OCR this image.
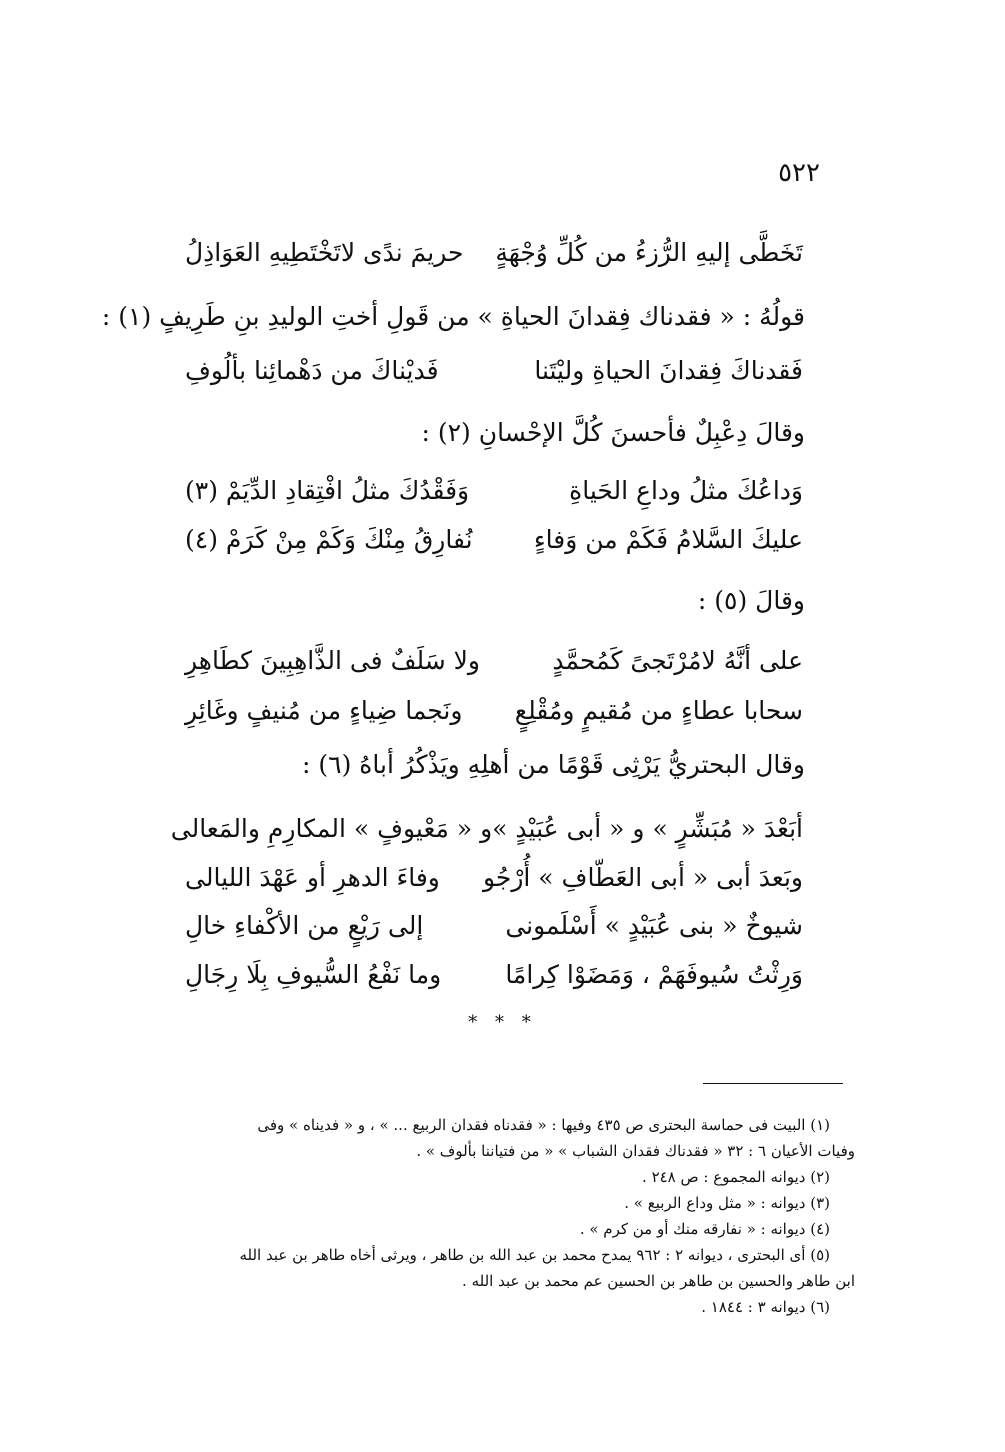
٥٢٢
تَخَطَّى إليهِ الرُّزءُ من كُلِّ وُجْهَةٍ
حريمَ ندًى لاتَخْتَطِيهِ العَوَاذِلُ
قولُهُ : « فقدناك فِقدانَ الحياةِ » من قَولِ أختِ الوليدِ بنِ طَرِيفٍ (١) :
فَقدناكَ فِقدانَ الحياةِ وليْتَنا
فَديْناكَ من دَهْمائِنا بألُوفِ
وقالَ دِعْبِلٌ فأحسنَ كُلَّ الإحْسانِ (٢) :
وَداعُكَ مثلُ وداعِ الحَياةِ
وَفَقْدُكَ مثلُ افْتِقادِ الدِّيَمْ (٣)
عليكَ السَّلامُ فَكَمْ من وَفاءٍ
نُفارِقُ مِنْكَ وَكَمْ مِنْ كَرَمْ (٤)
وقالَ (٥) :
على أنَّهُ لامُرْتَجىً كَمُحمَّدٍ
ولا سَلَفٌ فى الذَّاهِبِينَ كطَاهِرِ
سحابا عطاءٍ من مُقيمٍ ومُقْلِعٍ
ونَجما ضِياءٍ من مُنيفٍ وغَائِرِ
وقال البحتريُّ يَرْثِى قَوْمًا من أهلِهِ ويَذْكُرُ أباهُ (٦) :
أبَعْدَ « مُبَشِّرٍ » و « أبى عُبَيْدٍ »
و « مَعْيوفٍ » المكارِمِ والمَعالى
وبَعدَ أبى « أبى العَطّافِ » أُرْجُو
وفاءَ الدهرِ أو عَهْدَ الليالى
شيوخٌ « بنى عُبَيْدٍ » أَسْلَمونى
إلى رَيْعٍ من الأكْفاءِ خالِ
وَرِثْتُ سُيوفَهَمْ ، وَمَضَوْا كِرامًا
وما نَفْعُ السُّيوفِ بِلَا رِجَالِ
* * *
(١) البيت فى حماسة البحترى ص ٤٣٥ وفيها : « فقدناه فقدان الربيع ... » ، و « فديناه » وفى
وفيات الأعيان ٦ : ٣٢ « فقدناك فقدان الشباب » « من فتياننا بألوف » .
(٢) ديوانه المجموع : ص ٢٤٨ .
(٣) ديوانه : « مثل وداع الربيع » .
(٤) ديوانه : « نفارقه منك أو من كرم » .
(٥) أى البحترى ، ديوانه ٢ : ٩٦٢ يمدح محمد بن عبد الله بن طاهر ، ويرثى أخاه طاهر بن عبد الله
ابن طاهر والحسين بن طاهر بن الحسين عم محمد بن عبد الله .
(٦) ديوانه ٣ : ١٨٤٤ .
